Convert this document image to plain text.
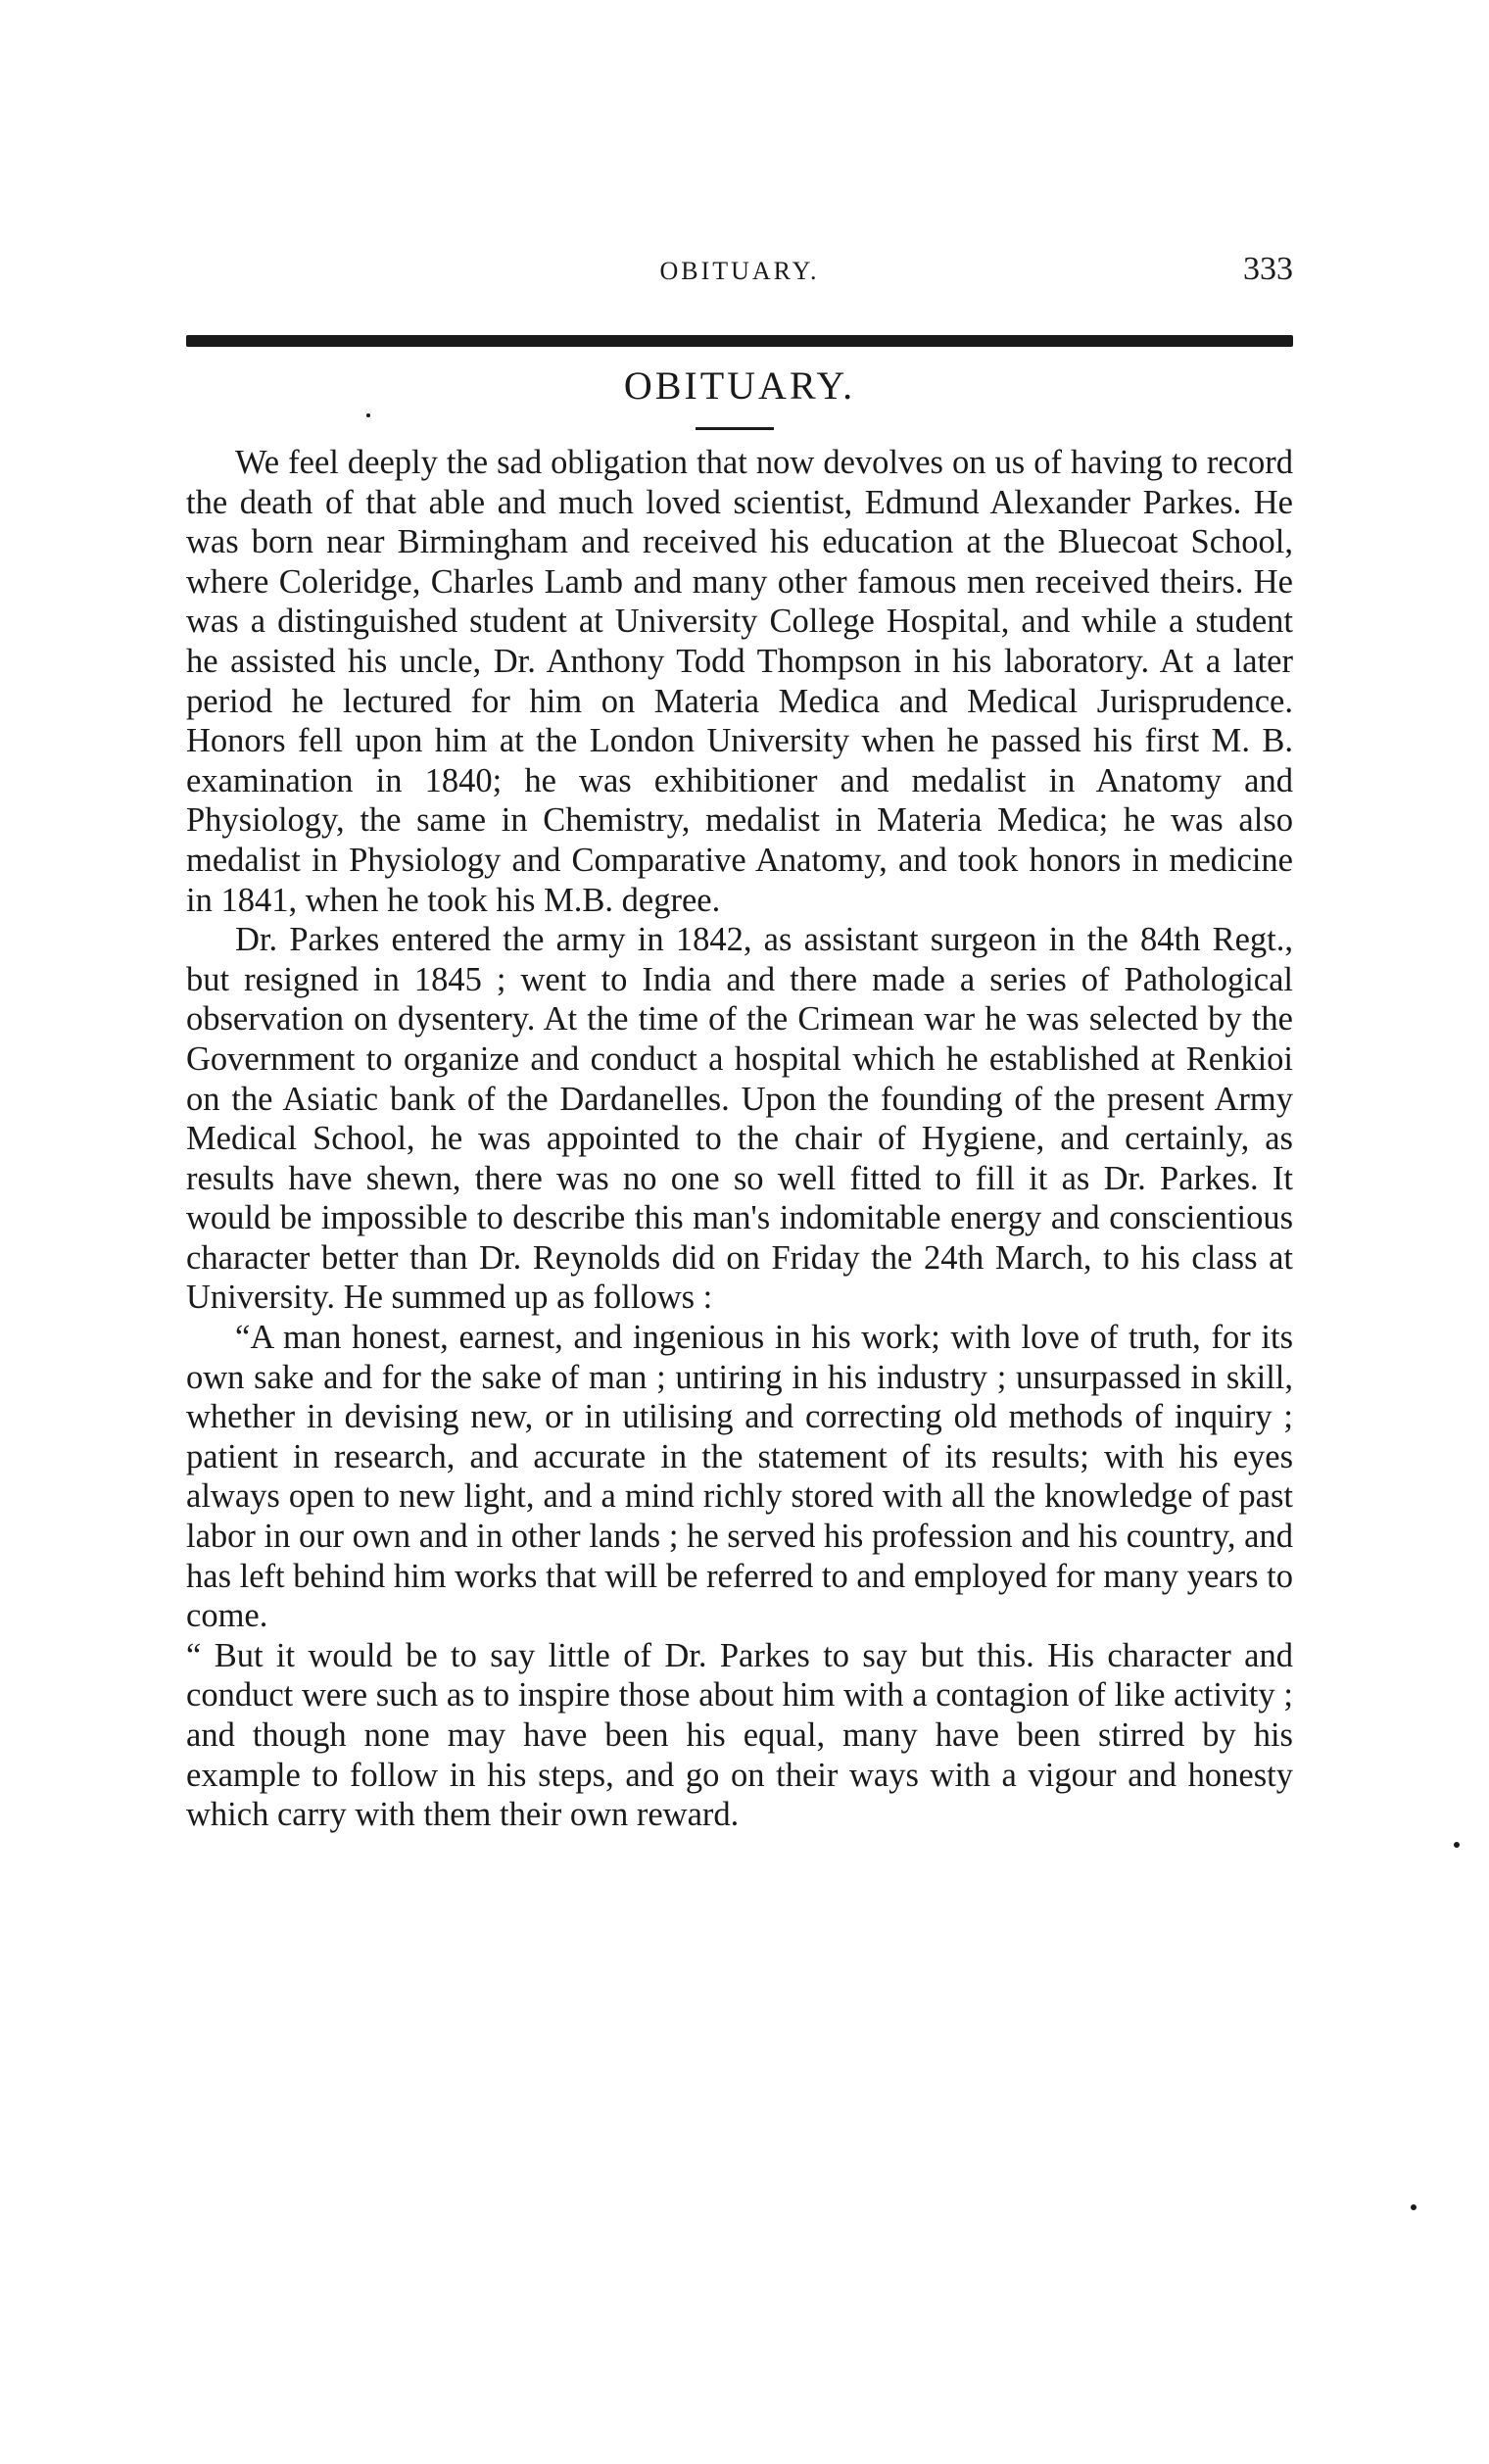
OBITUARY.	333
OBITUARY.

We feel deeply the sad obligation that now devolves on us of having to record the death of that able and much loved scientist, Edmund Alexander Parkes. He was born near Birmingham and received his education at the Bluecoat School, where Coleridge, Charles Lamb and many other famous men received theirs. He was a distinguished student at University College Hospital, and while a student he assisted his uncle, Dr. Anthony Todd Thompson in his laboratory. At a later period he lectured for him on Materia Medica and Medical Jurisprudence. Honors fell upon him at the London University when he passed his first M. B. examination in 1840; he was exhibitioner and medalist in Anatomy and Physiology, the same in Chemistry, medalist in Materia Medica; he was also medalist in Physiology and Comparative Anatomy, and took honors in medicine in 1841, when he took his M.B. degree.

Dr. Parkes entered the army in 1842, as assistant surgeon in the 84th Regt., but resigned in 1845 ; went to India and there made a series of Pathological observation on dysentery. At the time of the Crimean war he was selected by the Government to organize and conduct a hospital which he established at Renkioi on the Asiatic bank of the Dardanelles. Upon the founding of the present Army Medical School, he was appointed to the chair of Hygiene, and certainly, as results have shewn, there was no one so well fitted to fill it as Dr. Parkes. It would be impossible to describe this man's indomitable energy and conscientious character better than Dr. Reynolds did on Friday the 24th March, to his class at University. He summed up as follows :

“A man honest, earnest, and ingenious in his work; with love of truth, for its own sake and for the sake of man ; untiring in his industry ; unsurpassed in skill, whether in devising new, or in utilising and correcting old methods of inquiry ; patient in research, and accurate in the statement of its results; with his eyes always open to new light, and a mind richly stored with all the knowledge of past labor in our own and in other lands ; he served his profession and his country, and has left behind him works that will be referred to and employed for many years to come.

“ But it would be to say little of Dr. Parkes to say but this. His character and conduct were such as to inspire those about him with a contagion of like activity ; and though none may have been his equal, many have been stirred by his example to follow in his steps, and go on their ways with a vigour and honesty which carry with them their own reward.
